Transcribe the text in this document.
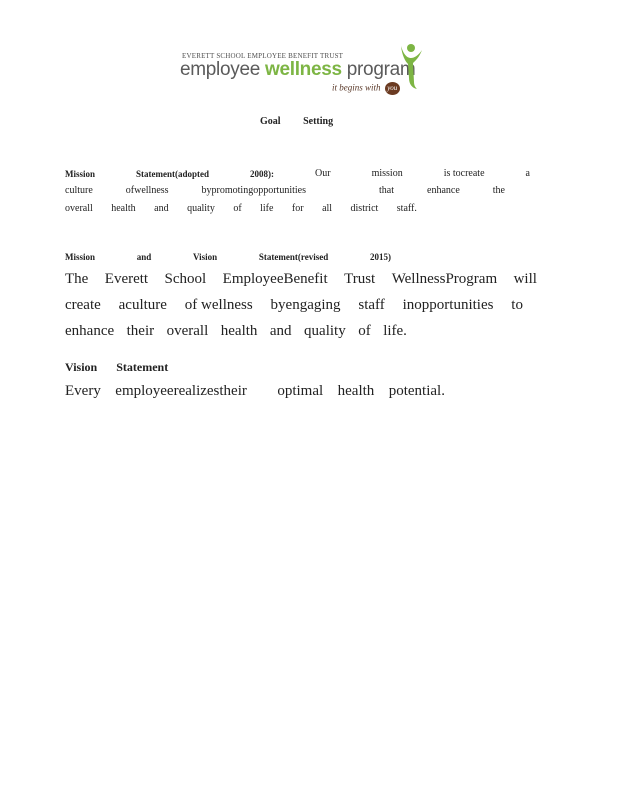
EVERETT SCHOOL EMPLOYEE BENEFIT TRUST
employee wellness program
it begins with you
Goal Setting
Mission	Statement(adopted	2008):	Our	mission	is tocreate	a
culture	ofwellness	bypromotingopportunities	that	enhance	the
overall health and quality of life for all district staff.
Mission	and	Vision	Statement(revised	2015)
The Everett School EmployeeBenefit Trust WellnessProgram will
create aculture of wellness byengaging staff inopportunities to
enhance their overall health and quality of life.
Vision Statement
Every employeerealizestheir optimal health potential.
